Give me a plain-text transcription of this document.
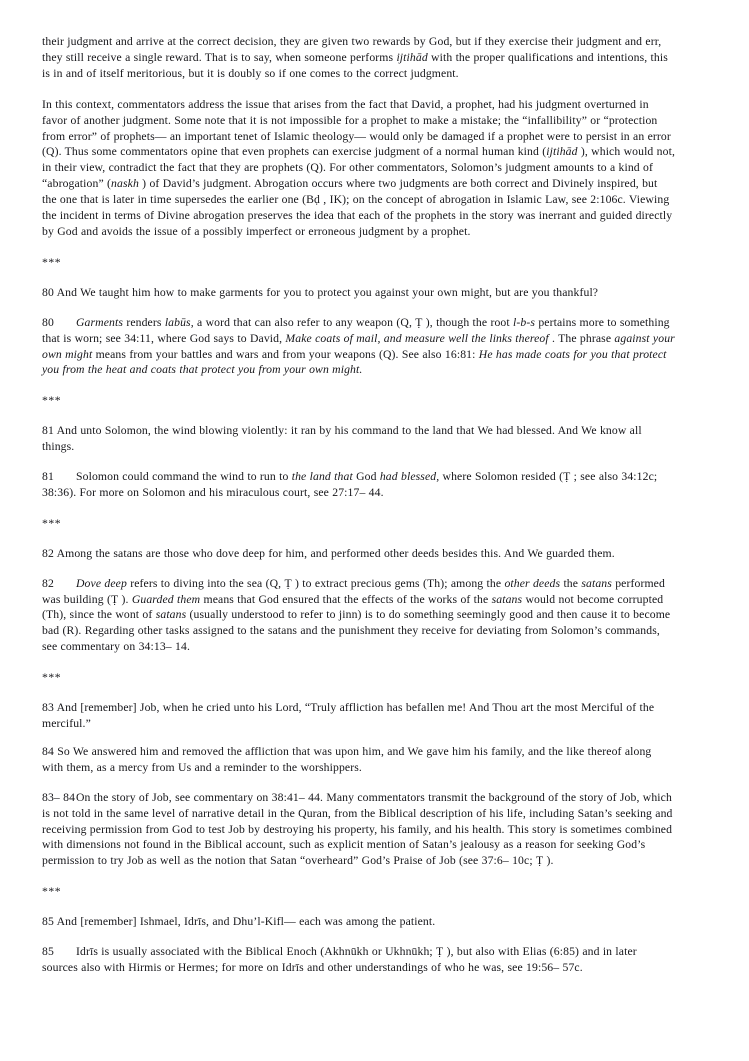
their judgment and arrive at the correct decision, they are given two rewards by God, but if they exercise their judgment and err, they still receive a single reward. That is to say, when someone performs ijtihād with the proper qualifications and intentions, this is in and of itself meritorious, but it is doubly so if one comes to the correct judgment.

In this context, commentators address the issue that arises from the fact that David, a prophet, had his judgment overturned in favor of another judgment. Some note that it is not impossible for a prophet to make a mistake; the “infallibility” or “protection from error” of prophets— an important tenet of Islamic theology— would only be damaged if a prophet were to persist in an error (Q). Thus some commentators opine that even prophets can exercise judgment of a normal human kind (ijtihād ), which would not, in their view, contradict the fact that they are prophets (Q). For other commentators, Solomon’s judgment amounts to a kind of “abrogation” (naskh ) of David’s judgment. Abrogation occurs where two judgments are both correct and Divinely inspired, but the one that is later in time supersedes the earlier one (Bḍ , IK); on the concept of abrogation in Islamic Law, see 2:106c. Viewing the incident in terms of Divine abrogation preserves the idea that each of the prophets in the story was inerrant and guided directly by God and avoids the issue of a possibly imperfect or erroneous judgment by a prophet.

***

80 And We taught him how to make garments for you to protect you against your own might, but are you thankful?

80 Garments renders labūs, a word that can also refer to any weapon (Q, Ṭ ), though the root l-b-s pertains more to something that is worn; see 34:11, where God says to David, Make coats of mail, and measure well the links thereof . The phrase against your own might means from your battles and wars and from your weapons (Q). See also 16:81: He has made coats for you that protect you from the heat and coats that protect you from your own might.

***

81 And unto Solomon, the wind blowing violently: it ran by his command to the land that We had blessed. And We know all things.

81 Solomon could command the wind to run to the land that God had blessed, where Solomon resided (Ṭ ; see also 34:12c; 38:36). For more on Solomon and his miraculous court, see 27:17– 44.

***

82 Among the satans are those who dove deep for him, and performed other deeds besides this. And We guarded them.

82 Dove deep refers to diving into the sea (Q, Ṭ ) to extract precious gems (Th); among the other deeds the satans performed was building (Ṭ ). Guarded them means that God ensured that the effects of the works of the satans would not become corrupted (Th), since the wont of satans (usually understood to refer to jinn) is to do something seemingly good and then cause it to become bad (R). Regarding other tasks assigned to the satans and the punishment they receive for deviating from Solomon’s commands, see commentary on 34:13– 14.

***

83 And [remember] Job, when he cried unto his Lord, “Truly affliction has befallen me! And Thou art the most Merciful of the merciful.”

84 So We answered him and removed the affliction that was upon him, and We gave him his family, and the like thereof along with them, as a mercy from Us and a reminder to the worshippers.

83– 84On the story of Job, see commentary on 38:41– 44. Many commentators transmit the background of the story of Job, which is not told in the same level of narrative detail in the Quran, from the Biblical description of his life, including Satan’s seeking and receiving permission from God to test Job by destroying his property, his family, and his health. This story is sometimes combined with dimensions not found in the Biblical account, such as explicit mention of Satan’s jealousy as a reason for seeking God’s permission to try Job as well as the notion that Satan “overheard” God’s Praise of Job (see 37:6– 10c; Ṭ ).

***

85 And [remember] Ishmael, Idrīs, and Dhu’l-Kifl— each was among the patient.

85 Idrīs is usually associated with the Biblical Enoch (Akhnūkh or Ukhnūkh; Ṭ ), but also with Elias (6:85) and in later sources also with Hirmis or Hermes; for more on Idrīs and other understandings of who he was, see 19:56– 57c.
